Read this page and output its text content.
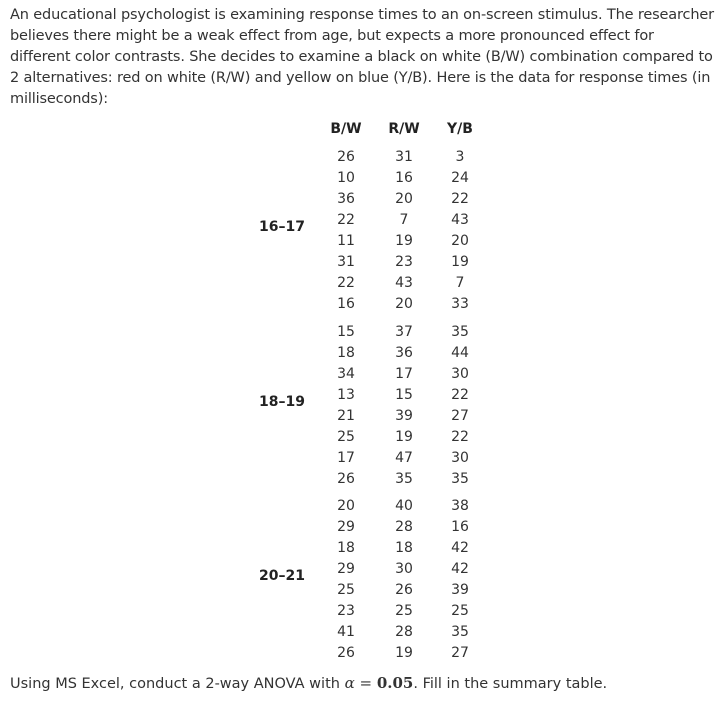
An educational psychologist is examining response times to an on-screen stimulus. The researcher believes there might be a weak effect from age, but expects a more pronounced effect for different color contrasts. She decides to examine a black on white (B/W) combination compared to 2 alternatives: red on white (R/W) and yellow on blue (Y/B). Here is the data for response times (in milliseconds):

B/W	R/W	Y/B
16–17
26	31	3
10	16	24
36	20	22
22	7	43
11	19	20
31	23	19
22	43	7
16	20	33
18–19
15	37	35
18	36	44
34	17	30
13	15	22
21	39	27
25	19	22
17	47	30
26	35	35
20–21
20	40	38
29	28	16
18	18	42
29	30	42
25	26	39
23	25	25
41	28	35
26	19	27

Using MS Excel, conduct a 2-way ANOVA with α = 0.05. Fill in the summary table.
